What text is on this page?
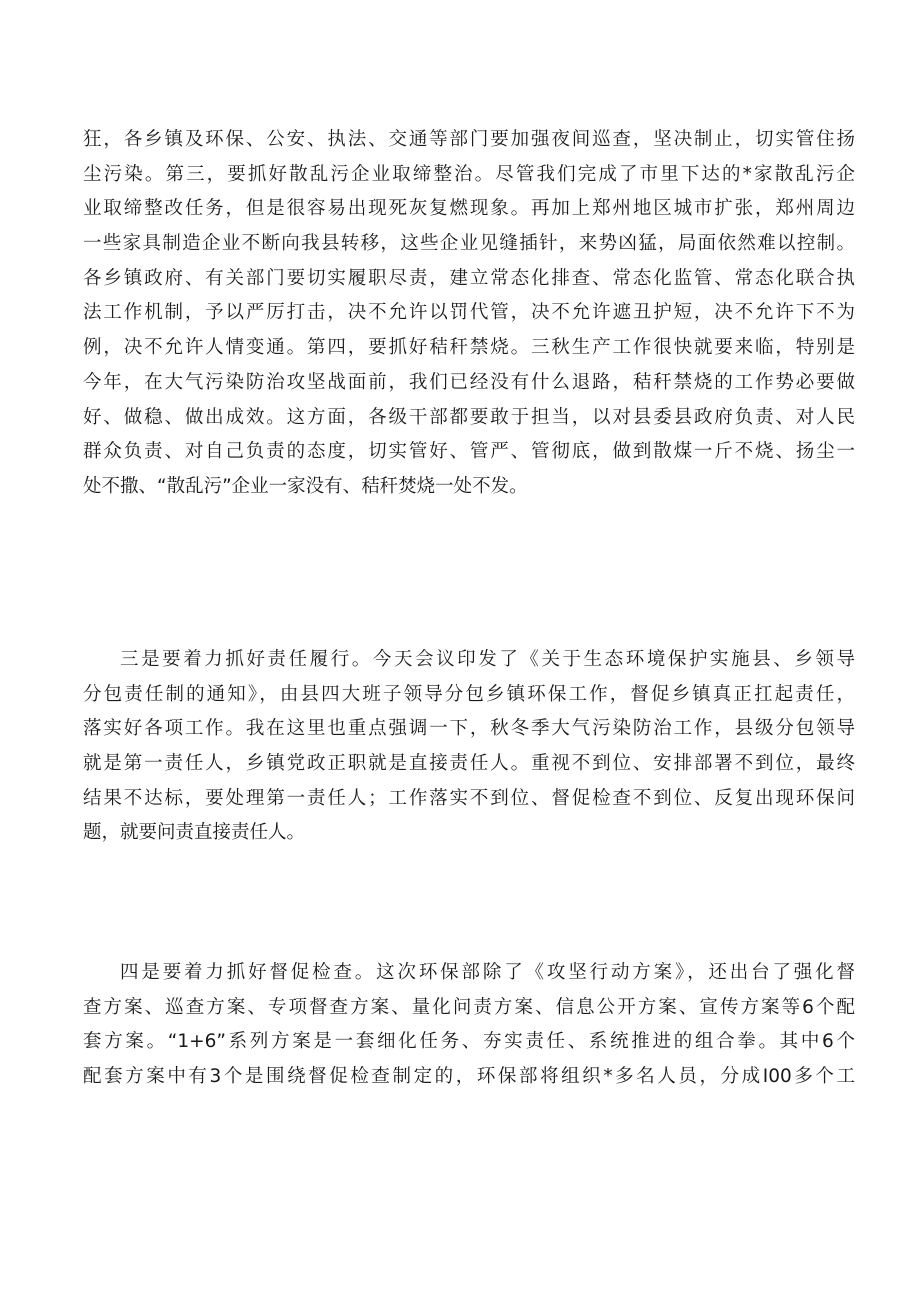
狂，各乡镇及环保、公安、执法、交通等部门要加强夜间巡查，坚决制止，切实管住扬
尘污染。第三，要抓好散乱污企业取缔整治。尽管我们完成了市里下达的*家散乱污企
业取缔整改任务，但是很容易出现死灰复燃现象。再加上郑州地区城市扩张，郑州周边
一些家具制造企业不断向我县转移，这些企业见缝插针，来势凶猛，局面依然难以控制。
各乡镇政府、有关部门要切实履职尽责，建立常态化排查、常态化监管、常态化联合执
法工作机制，予以严厉打击，决不允许以罚代管，决不允许遮丑护短，决不允许下不为
例，决不允许人情变通。第四，要抓好秸秆禁烧。三秋生产工作很快就要来临，特别是
今年，在大气污染防治攻坚战面前，我们已经没有什么退路，秸秆禁烧的工作势必要做
好、做稳、做出成效。这方面，各级干部都要敢于担当，以对县委县政府负责、对人民
群众负责、对自己负责的态度，切实管好、管严、管彻底，做到散煤一斤不烧、扬尘一
处不撒、“散乱污”企业一家没有、秸秆焚烧一处不发。
三是要着力抓好责任履行。今天会议印发了《关于生态环境保护实施县、乡领导
分包责任制的通知》，由县四大班子领导分包乡镇环保工作，督促乡镇真正扛起责任，
落实好各项工作。我在这里也重点强调一下，秋冬季大气污染防治工作，县级分包领导
就是第一责任人，乡镇党政正职就是直接责任人。重视不到位、安排部署不到位，最终
结果不达标，要处理第一责任人；工作落实不到位、督促检查不到位、反复出现环保问
题，就要问责直接责任人。
四是要着力抓好督促检查。这次环保部除了《攻坚行动方案》，还出台了强化督
查方案、巡查方案、专项督查方案、量化问责方案、信息公开方案、宣传方案等6个配
套方案。“1+6”系列方案是一套细化任务、夯实责任、系统推进的组合拳。其中6个
配套方案中有3个是围绕督促检查制定的，环保部将组织*多名人员，分成I00多个工
